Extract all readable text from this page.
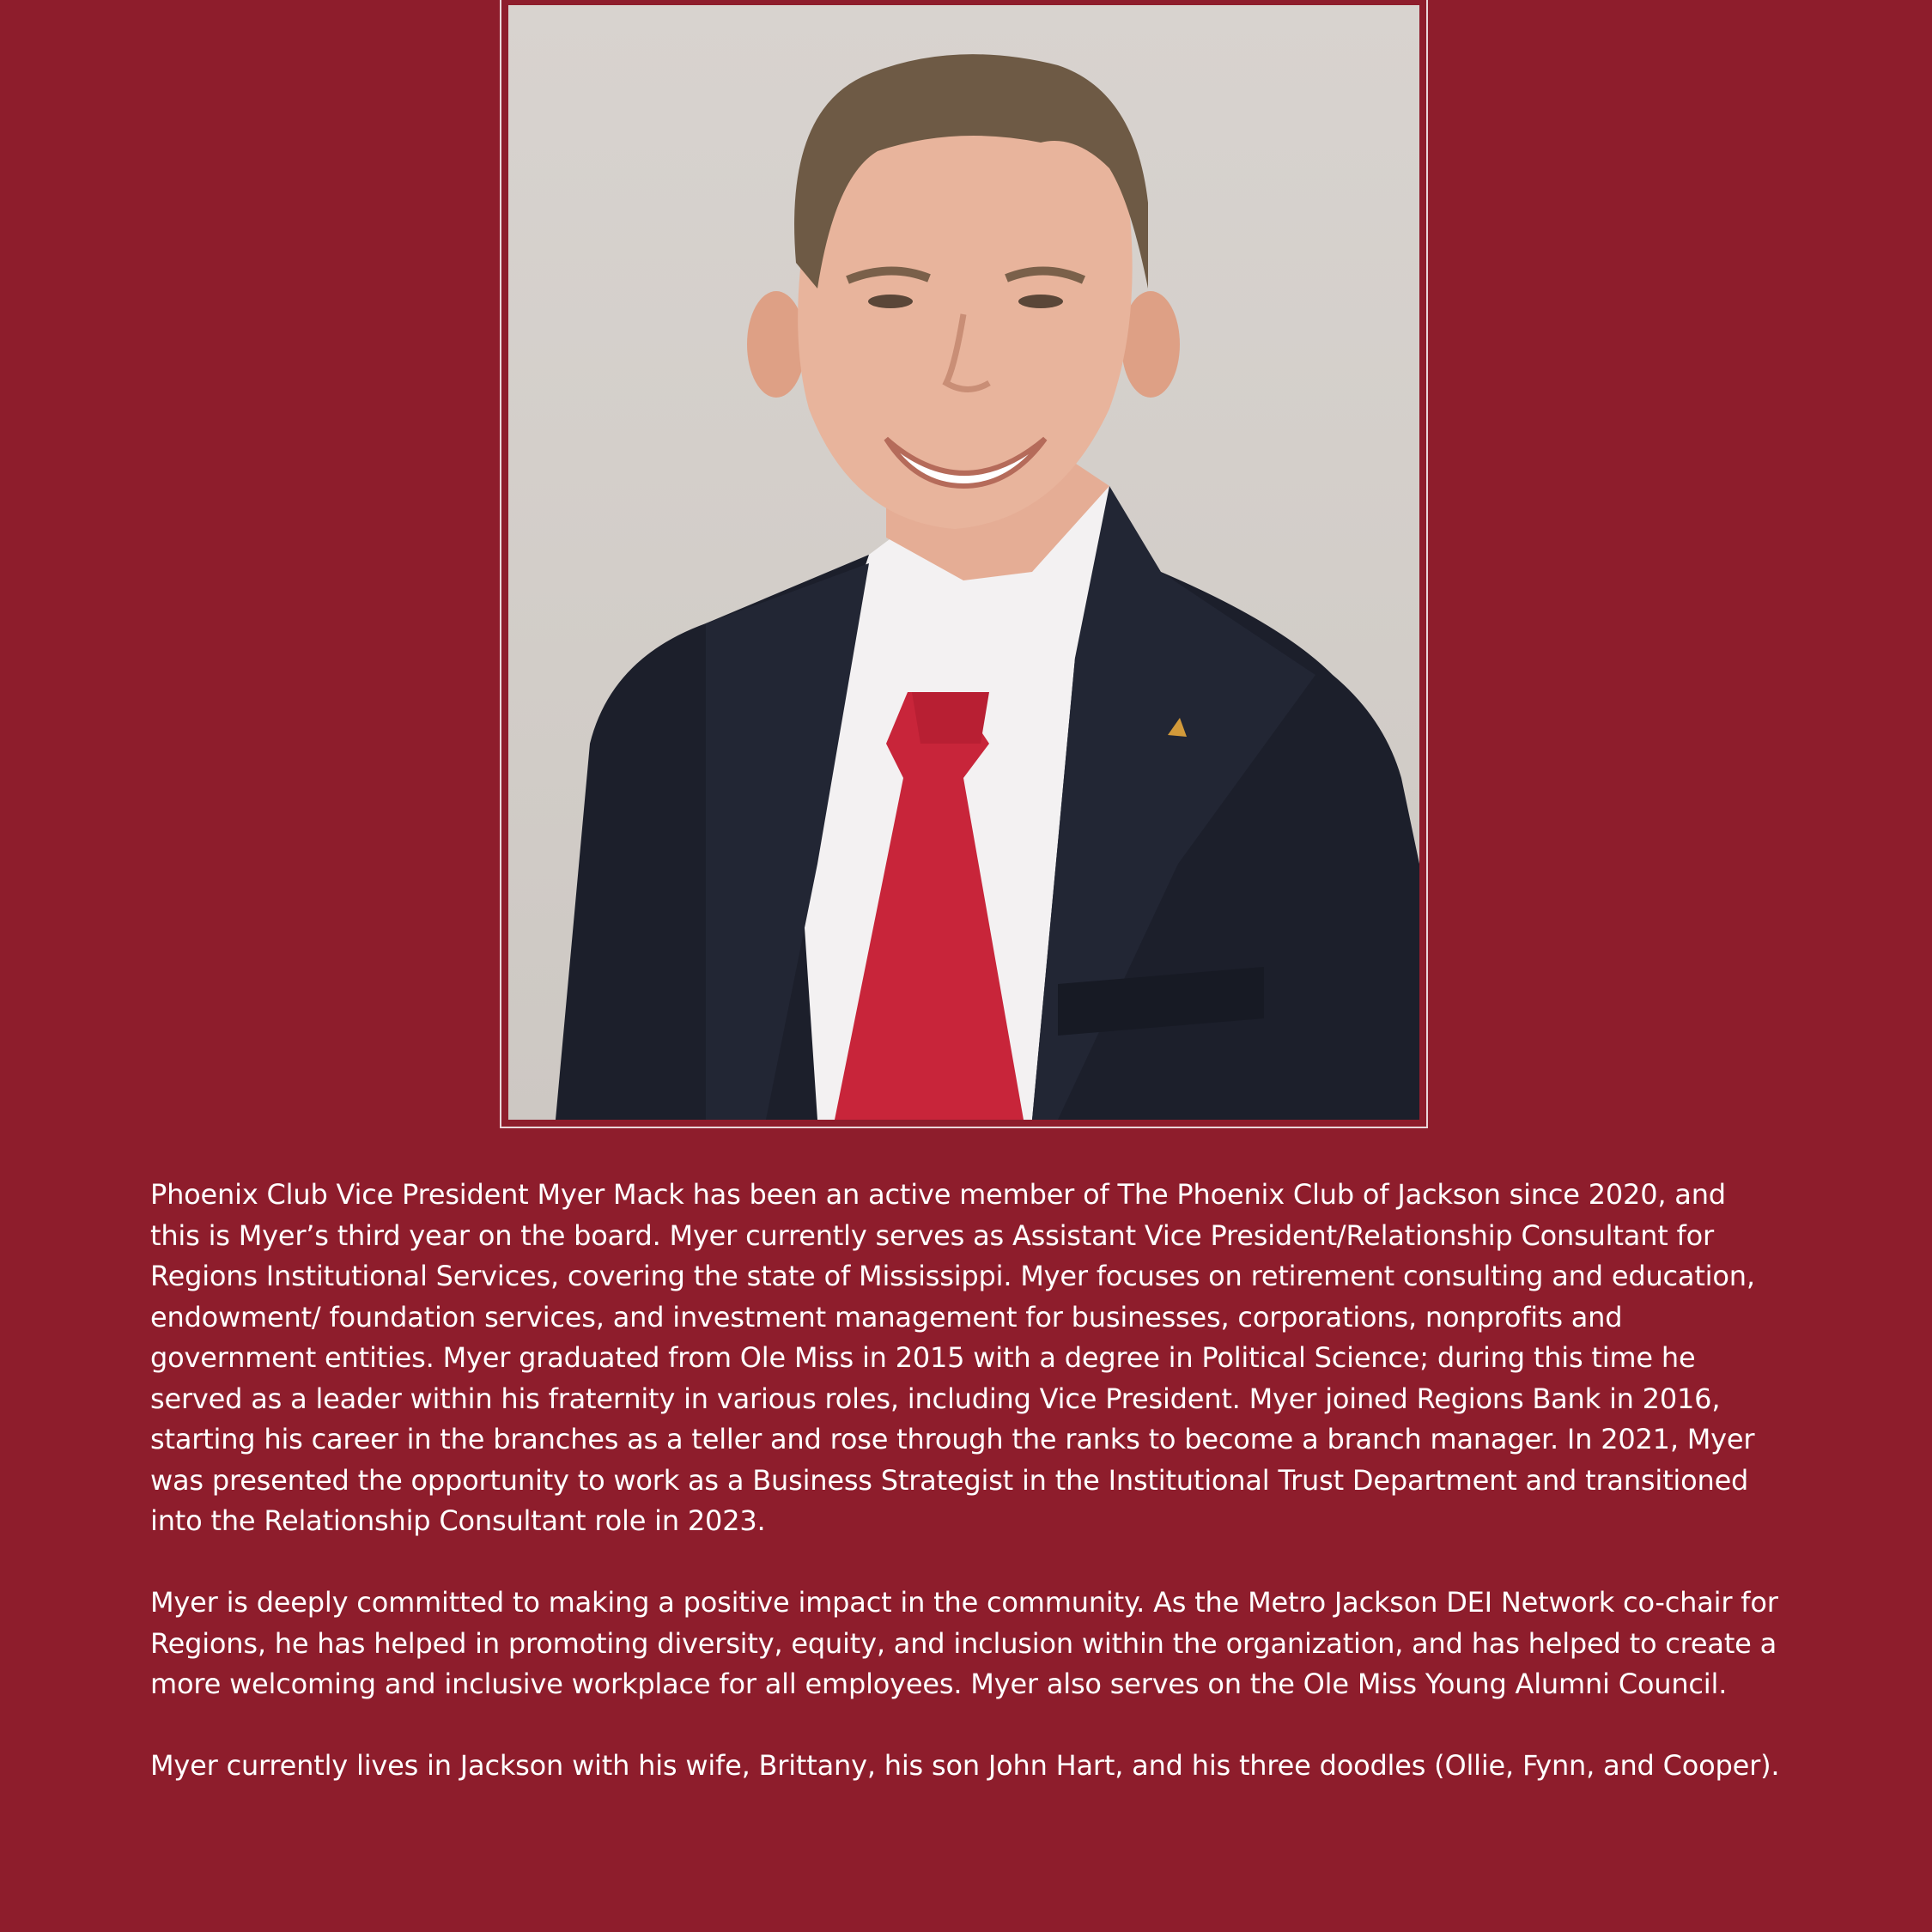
Phoenix Club Vice President Myer Mack has been an active member of The Phoenix Club of Jackson since 2020, and this is Myer’s third year on the board. Myer currently serves as Assistant Vice President/Relationship Consultant for Regions Institutional Services, covering the state of Mississippi. Myer focuses on retirement consulting and education, endowment/ foundation services, and investment management for businesses, corporations, nonprofits and government entities. Myer graduated from Ole Miss in 2015 with a degree in Political Science; during this time he served as a leader within his fraternity in various roles, including Vice President. Myer joined Regions Bank in 2016, starting his career in the branches as a teller and rose through the ranks to become a branch manager. In 2021, Myer was presented the opportunity to work as a Business Strategist in the Institutional Trust Department and transitioned into the Relationship Consultant role in 2023.

Myer is deeply committed to making a positive impact in the community. As the Metro Jackson DEI Network co-chair for Regions, he has helped in promoting diversity, equity, and inclusion within the organization, and has helped to create a more welcoming and inclusive workplace for all employees. Myer also serves on the Ole Miss Young Alumni Council.

Myer currently lives in Jackson with his wife, Brittany, his son John Hart, and his three doodles (Ollie, Fynn, and Cooper).
